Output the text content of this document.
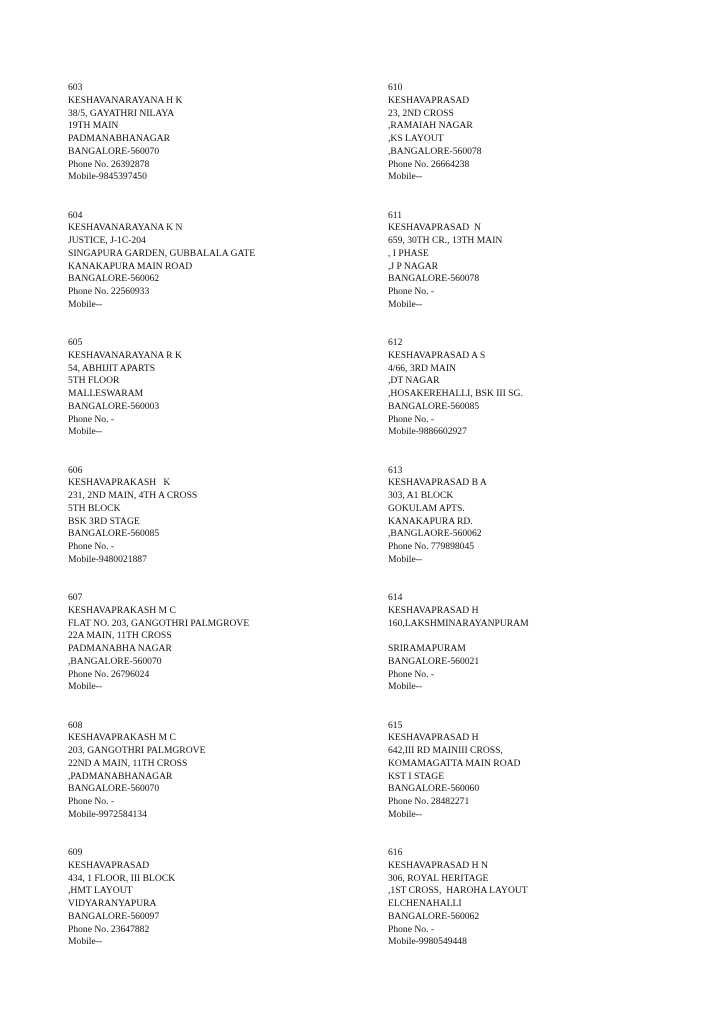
603
KESHAVANARAYANA H K
38/5, GAYATHRI NILAYA
19TH MAIN
PADMANABHANAGAR
BANGALORE-560070
Phone No. 26392878
Mobile-9845397450
604
KESHAVANARAYANA K N
JUSTICE, J-1C-204
SINGAPURA GARDEN, GUBBALALA GATE
KANAKAPURA MAIN ROAD
BANGALORE-560062
Phone No. 22560933
Mobile--
605
KESHAVANARAYANA R K
54, ABHIJIT APARTS
5TH FLOOR
MALLESWARAM
BANGALORE-560003
Phone No. -
Mobile--
606
KESHAVAPRAKASH   K
231, 2ND MAIN, 4TH A CROSS
5TH BLOCK
BSK 3RD STAGE
BANGALORE-560085
Phone No. -
Mobile-9480021887
607
KESHAVAPRAKASH M C
FLAT NO. 203, GANGOTHRI PALMGROVE
22A MAIN, 11TH CROSS
PADMANABHA NAGAR
,BANGALORE-560070
Phone No. 26796024
Mobile--
608
KESHAVAPRAKASH M C
203, GANGOTHRI PALMGROVE
22ND A MAIN, 11TH CROSS
,PADMANABHANAGAR
BANGALORE-560070
Phone No. -
Mobile-9972584134
609
KESHAVAPRASAD
434, 1 FLOOR, III BLOCK
,HMT LAYOUT
VIDYARANYAPURA
BANGALORE-560097
Phone No. 23647882
Mobile--
610
KESHAVAPRASAD
23, 2ND CROSS
,RAMAIAH NAGAR
,KS LAYOUT
,BANGALORE-560078
Phone No. 26664238
Mobile--
611
KESHAVAPRASAD  N
659, 30TH CR., 13TH MAIN
, I PHASE
,J P NAGAR
BANGALORE-560078
Phone No. -
Mobile--
612
KESHAVAPRASAD A S
4/66, 3RD MAIN
,DT NAGAR
,HOSAKEREHALLI, BSK III SG.
BANGALORE-560085
Phone No. -
Mobile-9886602927
613
KESHAVAPRASAD B A
303, A1 BLOCK
GOKULAM APTS.
KANAKAPURA RD.
,BANGLAORE-560062
Phone No. 779898045
Mobile--
614
KESHAVAPRASAD H
160,LAKSHMINARAYANPURAM
SRIRAMAPURAM
BANGALORE-560021
Phone No. -
Mobile--
615
KESHAVAPRASAD H
642,III RD MAINIII CROSS,
KOMAMAGATTA MAIN ROAD
KST I STAGE
BANGALORE-560060
Phone No. 28482271
Mobile--
616
KESHAVAPRASAD H N
306, ROYAL HERITAGE
,1ST CROSS,  HAROHA LAYOUT
ELCHENAHALLI
BANGALORE-560062
Phone No. -
Mobile-9980549448
